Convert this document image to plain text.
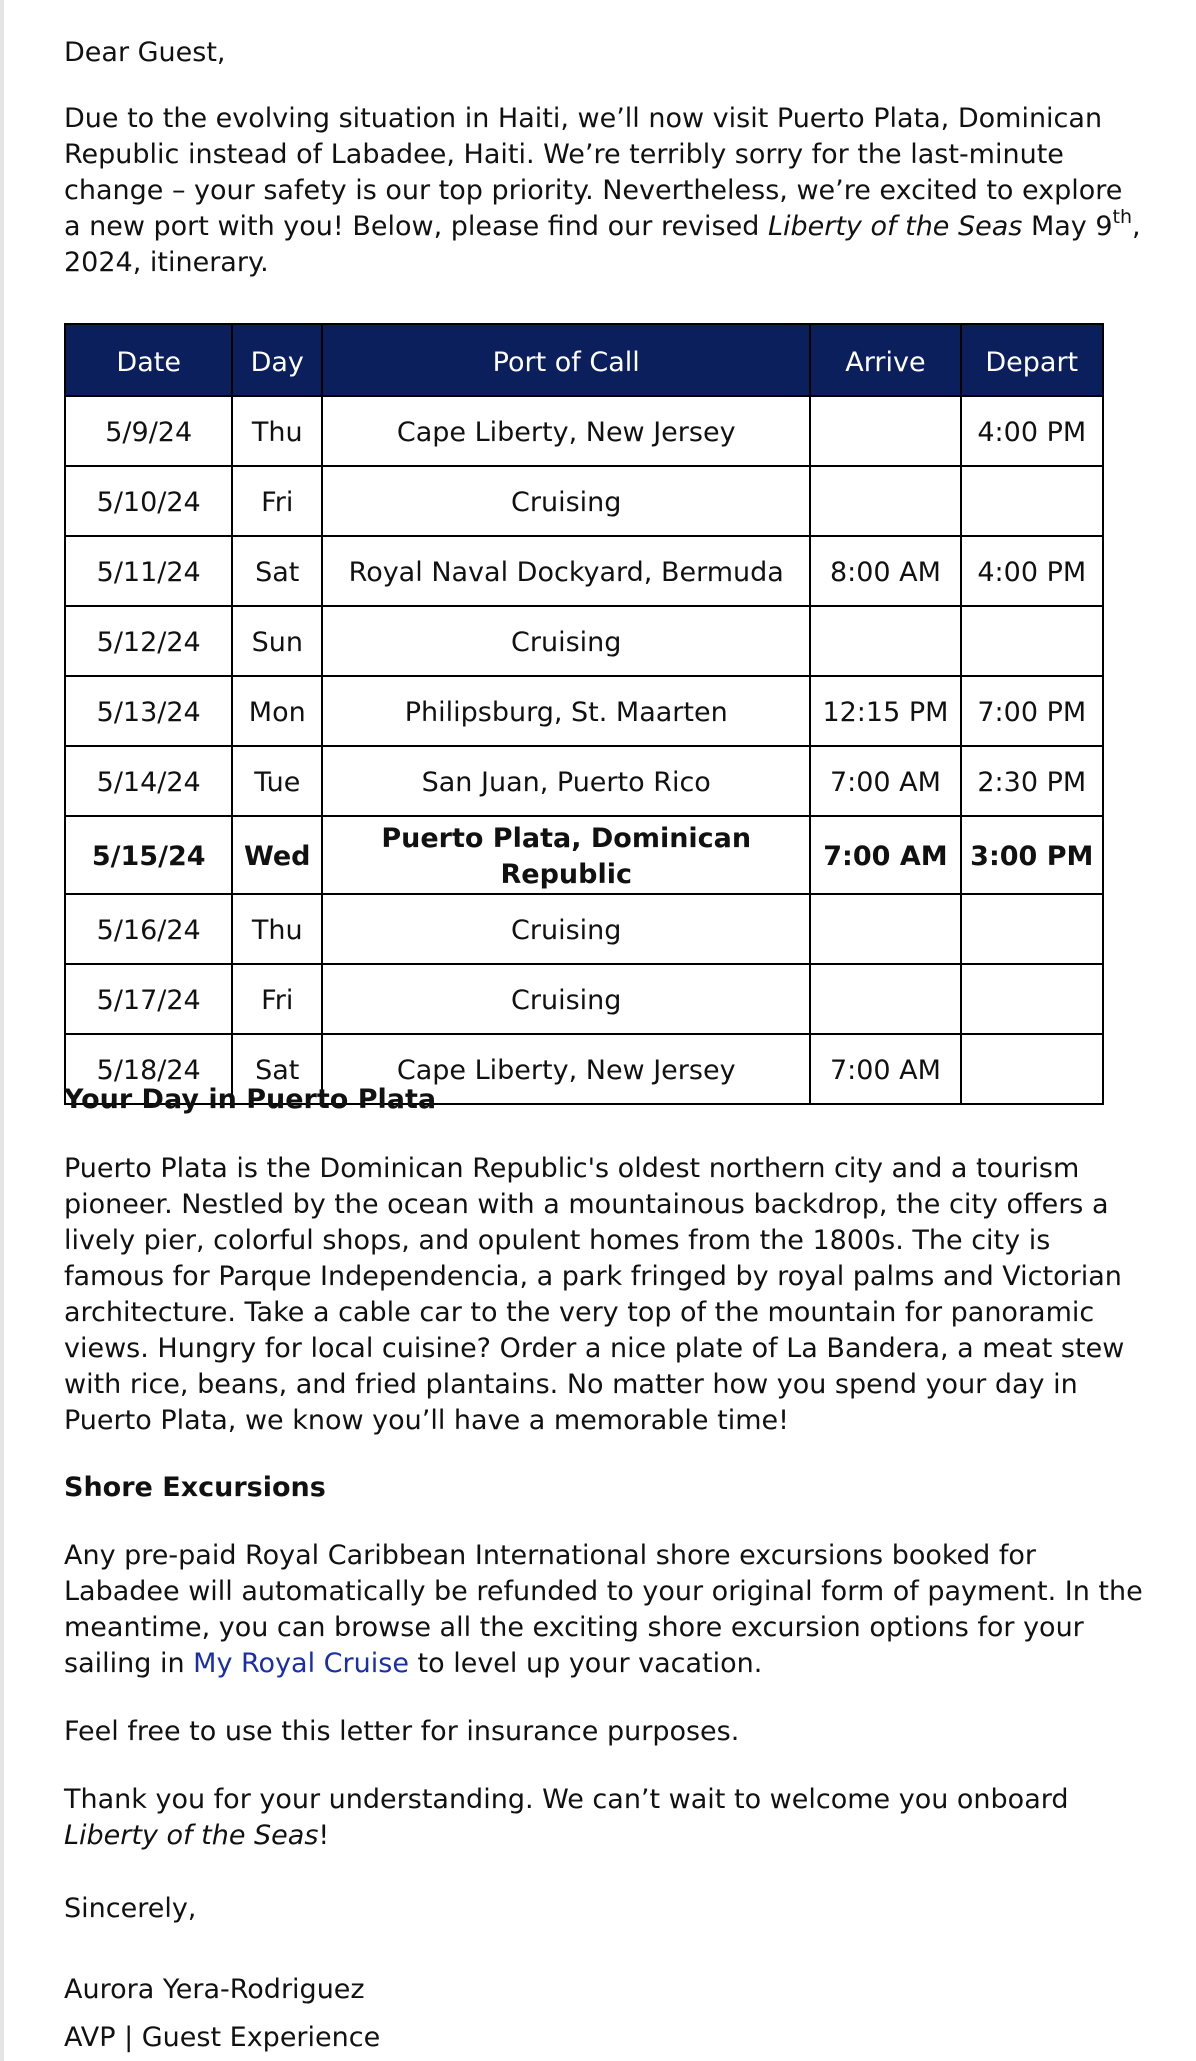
Dear Guest,

Due to the evolving situation in Haiti, we’ll now visit Puerto Plata, Dominican Republic instead of Labadee, Haiti. We’re terribly sorry for the last-minute change – your safety is our top priority. Nevertheless, we’re excited to explore a new port with you! Below, please find our revised Liberty of the Seas May 9th, 2024, itinerary.

Date	Day	Port of Call	Arrive	Depart
5/9/24	Thu	Cape Liberty, New Jersey		4:00 PM
5/10/24	Fri	Cruising		
5/11/24	Sat	Royal Naval Dockyard, Bermuda	8:00 AM	4:00 PM
5/12/24	Sun	Cruising		
5/13/24	Mon	Philipsburg, St. Maarten	12:15 PM	7:00 PM
5/14/24	Tue	San Juan, Puerto Rico	7:00 AM	2:30 PM
5/15/24	Wed	Puerto Plata, Dominican Republic	7:00 AM	3:00 PM
5/16/24	Thu	Cruising		
5/17/24	Fri	Cruising		
5/18/24	Sat	Cape Liberty, New Jersey	7:00 AM	

Your Day in Puerto Plata

Puerto Plata is the Dominican Republic's oldest northern city and a tourism pioneer. Nestled by the ocean with a mountainous backdrop, the city offers a lively pier, colorful shops, and opulent homes from the 1800s. The city is famous for Parque Independencia, a park fringed by royal palms and Victorian architecture. Take a cable car to the very top of the mountain for panoramic views. Hungry for local cuisine? Order a nice plate of La Bandera, a meat stew with rice, beans, and fried plantains. No matter how you spend your day in Puerto Plata, we know you’ll have a memorable time!

Shore Excursions

Any pre-paid Royal Caribbean International shore excursions booked for Labadee will automatically be refunded to your original form of payment. In the meantime, you can browse all the exciting shore excursion options for your sailing in My Royal Cruise to level up your vacation.

Feel free to use this letter for insurance purposes.

Thank you for your understanding. We can’t wait to welcome you onboard Liberty of the Seas!

Sincerely,

Aurora Yera-Rodriguez

AVP | Guest Experience
